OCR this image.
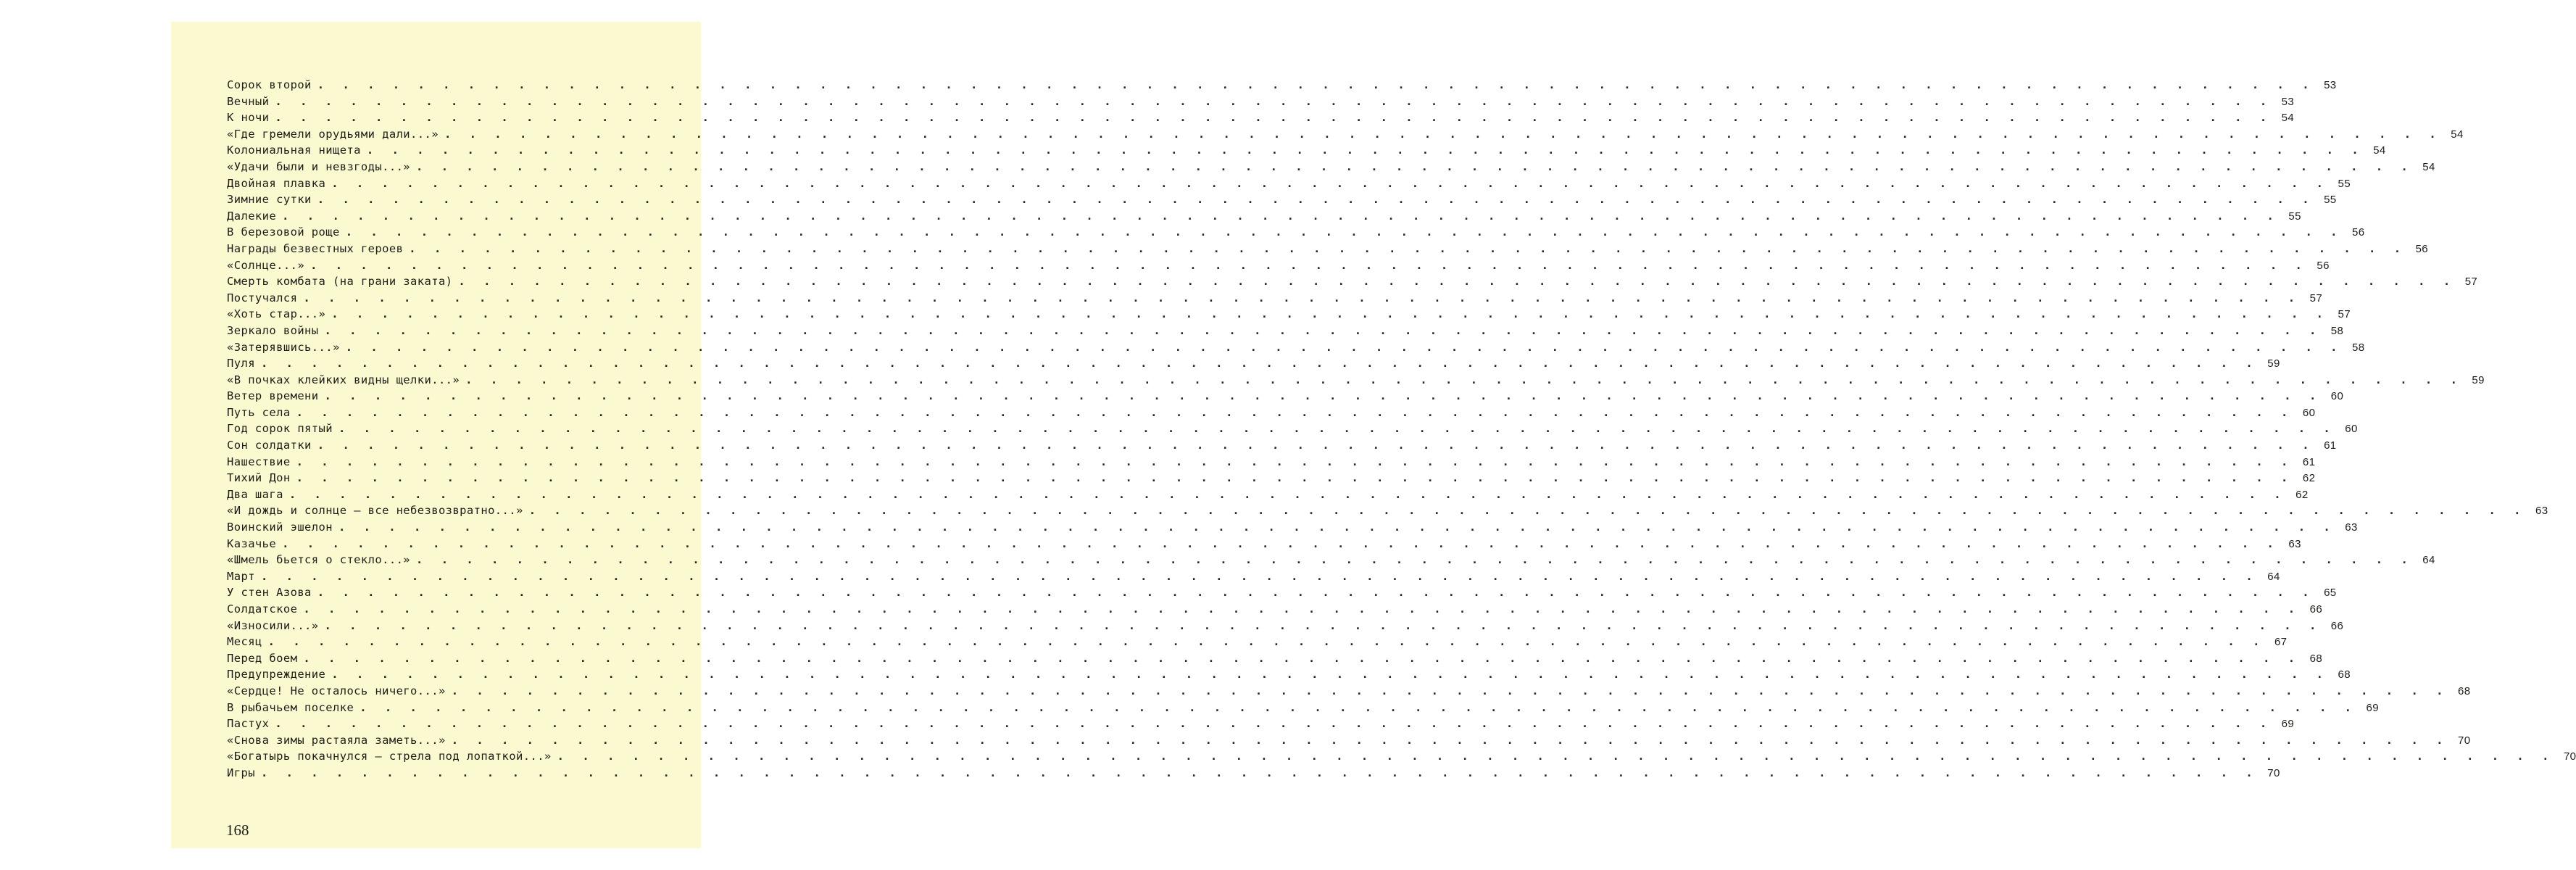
Сорок второй . . . . . . . . . . . . . . . . . . . . . . . . . . . . . . . . . . . . . . . . . . . . . . . . . . . . . . . . . . . . . . . . . . . . . . . . . . . . . . . . 53
Вечный . . . . . . . . . . . . . . . . . . . . . . . . . . . . . . . . . . . . . . . . . . . . . . . . . . . . . . . . . . . . . . . . . . . . . . . . . . . . . . . . 53
К ночи . . . . . . . . . . . . . . . . . . . . . . . . . . . . . . . . . . . . . . . . . . . . . . . . . . . . . . . . . . . . . . . . . . . . . . . . . . . . . . . . 54
«Где гремели орудьями дали...» . . . . . . . . . . . . . . . . . . . . . . . . . . . . . . . . . . . . . . . . . . . . . . . . . . . . . . . . . . . . . . . . . . . . . . . . . . . . . . . . 54
Колониальная нищета . . . . . . . . . . . . . . . . . . . . . . . . . . . . . . . . . . . . . . . . . . . . . . . . . . . . . . . . . . . . . . . . . . . . . . . . . . . . . . . . 54
«Удачи были и невзгоды...» . . . . . . . . . . . . . . . . . . . . . . . . . . . . . . . . . . . . . . . . . . . . . . . . . . . . . . . . . . . . . . . . . . . . . . . . . . . . . . . . 54
Двойная плавка . . . . . . . . . . . . . . . . . . . . . . . . . . . . . . . . . . . . . . . . . . . . . . . . . . . . . . . . . . . . . . . . . . . . . . . . . . . . . . . . 55
Зимние сутки . . . . . . . . . . . . . . . . . . . . . . . . . . . . . . . . . . . . . . . . . . . . . . . . . . . . . . . . . . . . . . . . . . . . . . . . . . . . . . . . 55
Далекие . . . . . . . . . . . . . . . . . . . . . . . . . . . . . . . . . . . . . . . . . . . . . . . . . . . . . . . . . . . . . . . . . . . . . . . . . . . . . . . . 55
В березовой роще . . . . . . . . . . . . . . . . . . . . . . . . . . . . . . . . . . . . . . . . . . . . . . . . . . . . . . . . . . . . . . . . . . . . . . . . . . . . . . . . 56
Награды безвестных героев . . . . . . . . . . . . . . . . . . . . . . . . . . . . . . . . . . . . . . . . . . . . . . . . . . . . . . . . . . . . . . . . . . . . . . . . . . . . . . . . 56
«Солнце...» . . . . . . . . . . . . . . . . . . . . . . . . . . . . . . . . . . . . . . . . . . . . . . . . . . . . . . . . . . . . . . . . . . . . . . . . . . . . . . . . 56
Смерть комбата (на грани заката) . . . . . . . . . . . . . . . . . . . . . . . . . . . . . . . . . . . . . . . . . . . . . . . . . . . . . . . . . . . . . . . . . . . . . . . . . . . . . . . . 57
Постучался . . . . . . . . . . . . . . . . . . . . . . . . . . . . . . . . . . . . . . . . . . . . . . . . . . . . . . . . . . . . . . . . . . . . . . . . . . . . . . . . 57
«Хоть стар...» . . . . . . . . . . . . . . . . . . . . . . . . . . . . . . . . . . . . . . . . . . . . . . . . . . . . . . . . . . . . . . . . . . . . . . . . . . . . . . . . 57
Зеркало войны . . . . . . . . . . . . . . . . . . . . . . . . . . . . . . . . . . . . . . . . . . . . . . . . . . . . . . . . . . . . . . . . . . . . . . . . . . . . . . . . 58
«Затерявшись...» . . . . . . . . . . . . . . . . . . . . . . . . . . . . . . . . . . . . . . . . . . . . . . . . . . . . . . . . . . . . . . . . . . . . . . . . . . . . . . . . 58
Пуля . . . . . . . . . . . . . . . . . . . . . . . . . . . . . . . . . . . . . . . . . . . . . . . . . . . . . . . . . . . . . . . . . . . . . . . . . . . . . . . . 59
«В почках клейких видны щелки...» . . . . . . . . . . . . . . . . . . . . . . . . . . . . . . . . . . . . . . . . . . . . . . . . . . . . . . . . . . . . . . . . . . . . . . . . . . . . . . . . 59
Ветер времени . . . . . . . . . . . . . . . . . . . . . . . . . . . . . . . . . . . . . . . . . . . . . . . . . . . . . . . . . . . . . . . . . . . . . . . . . . . . . . . . 60
Путь села . . . . . . . . . . . . . . . . . . . . . . . . . . . . . . . . . . . . . . . . . . . . . . . . . . . . . . . . . . . . . . . . . . . . . . . . . . . . . . . . 60
Год сорок пятый . . . . . . . . . . . . . . . . . . . . . . . . . . . . . . . . . . . . . . . . . . . . . . . . . . . . . . . . . . . . . . . . . . . . . . . . . . . . . . . . 60
Сон солдатки . . . . . . . . . . . . . . . . . . . . . . . . . . . . . . . . . . . . . . . . . . . . . . . . . . . . . . . . . . . . . . . . . . . . . . . . . . . . . . . . 61
Нашествие . . . . . . . . . . . . . . . . . . . . . . . . . . . . . . . . . . . . . . . . . . . . . . . . . . . . . . . . . . . . . . . . . . . . . . . . . . . . . . . . 61
Тихий Дон . . . . . . . . . . . . . . . . . . . . . . . . . . . . . . . . . . . . . . . . . . . . . . . . . . . . . . . . . . . . . . . . . . . . . . . . . . . . . . . . 62
Два шага . . . . . . . . . . . . . . . . . . . . . . . . . . . . . . . . . . . . . . . . . . . . . . . . . . . . . . . . . . . . . . . . . . . . . . . . . . . . . . . . 62
«И дождь и солнце — все небезвозвратно...» . . . . . . . . . . . . . . . . . . . . . . . . . . . . . . . . . . . . . . . . . . . . . . . . . . . . . . . . . . . . . . . . . . . . . . . . . . . . . . . . 63
Воинский эшелон . . . . . . . . . . . . . . . . . . . . . . . . . . . . . . . . . . . . . . . . . . . . . . . . . . . . . . . . . . . . . . . . . . . . . . . . . . . . . . . . 63
Казачье . . . . . . . . . . . . . . . . . . . . . . . . . . . . . . . . . . . . . . . . . . . . . . . . . . . . . . . . . . . . . . . . . . . . . . . . . . . . . . . . 63
«Шмель бьется о стекло...» . . . . . . . . . . . . . . . . . . . . . . . . . . . . . . . . . . . . . . . . . . . . . . . . . . . . . . . . . . . . . . . . . . . . . . . . . . . . . . . . 64
Март . . . . . . . . . . . . . . . . . . . . . . . . . . . . . . . . . . . . . . . . . . . . . . . . . . . . . . . . . . . . . . . . . . . . . . . . . . . . . . . . 64
У стен Азова . . . . . . . . . . . . . . . . . . . . . . . . . . . . . . . . . . . . . . . . . . . . . . . . . . . . . . . . . . . . . . . . . . . . . . . . . . . . . . . . 65
Солдатское . . . . . . . . . . . . . . . . . . . . . . . . . . . . . . . . . . . . . . . . . . . . . . . . . . . . . . . . . . . . . . . . . . . . . . . . . . . . . . . . 66
«Износили...» . . . . . . . . . . . . . . . . . . . . . . . . . . . . . . . . . . . . . . . . . . . . . . . . . . . . . . . . . . . . . . . . . . . . . . . . . . . . . . . . 66
Месяц . . . . . . . . . . . . . . . . . . . . . . . . . . . . . . . . . . . . . . . . . . . . . . . . . . . . . . . . . . . . . . . . . . . . . . . . . . . . . . . . 67
Перед боем . . . . . . . . . . . . . . . . . . . . . . . . . . . . . . . . . . . . . . . . . . . . . . . . . . . . . . . . . . . . . . . . . . . . . . . . . . . . . . . . 68
Предупреждение . . . . . . . . . . . . . . . . . . . . . . . . . . . . . . . . . . . . . . . . . . . . . . . . . . . . . . . . . . . . . . . . . . . . . . . . . . . . . . . . 68
«Сердце! Не осталось ничего...» . . . . . . . . . . . . . . . . . . . . . . . . . . . . . . . . . . . . . . . . . . . . . . . . . . . . . . . . . . . . . . . . . . . . . . . . . . . . . . . . 68
В рыбачьем поселке . . . . . . . . . . . . . . . . . . . . . . . . . . . . . . . . . . . . . . . . . . . . . . . . . . . . . . . . . . . . . . . . . . . . . . . . . . . . . . . . 69
Пастух . . . . . . . . . . . . . . . . . . . . . . . . . . . . . . . . . . . . . . . . . . . . . . . . . . . . . . . . . . . . . . . . . . . . . . . . . . . . . . . . 69
«Снова зимы растаяла заметь...» . . . . . . . . . . . . . . . . . . . . . . . . . . . . . . . . . . . . . . . . . . . . . . . . . . . . . . . . . . . . . . . . . . . . . . . . . . . . . . . . 70
«Богатырь покачнулся — стрела под лопаткой...» . . . . . . . . . . . . . . . . . . . . . . . . . . . . . . . . . . . . . . . . . . . . . . . . . . . . . . . . . . . . . . . . . . . . . . . . . . . . . . . . 70
Игры . . . . . . . . . . . . . . . . . . . . . . . . . . . . . . . . . . . . . . . . . . . . . . . . . . . . . . . . . . . . . . . . . . . . . . . . . . . . . . . . 70
168
